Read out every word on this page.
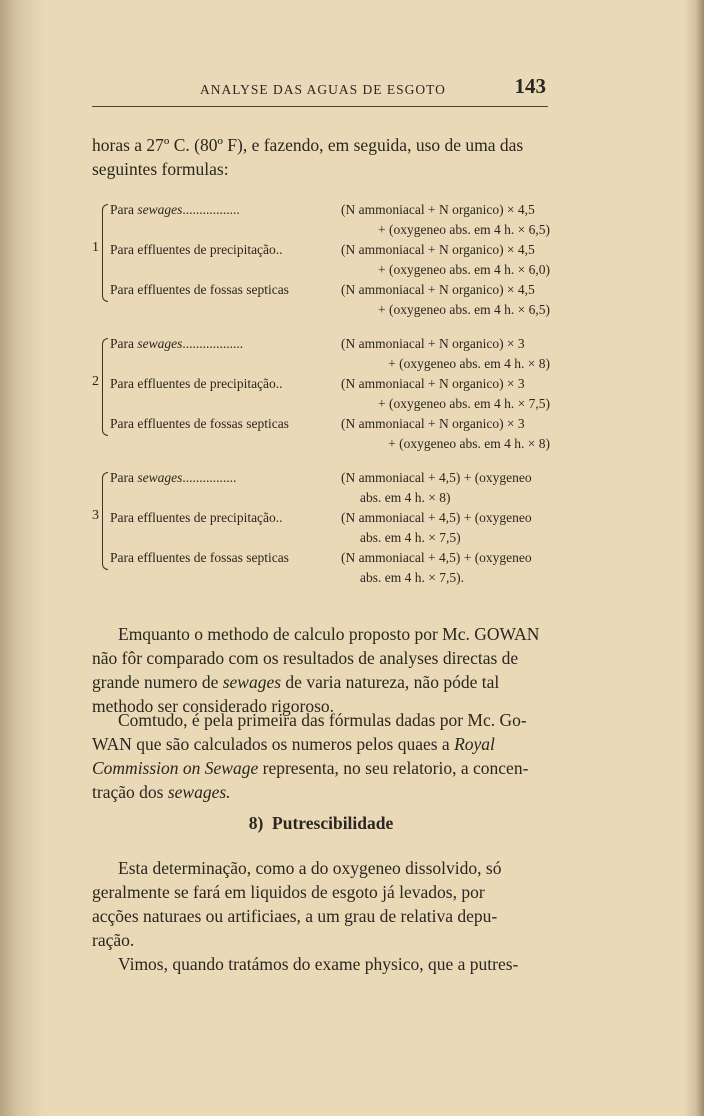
ANALYSE DAS AGUAS DE ESGOTO	143
horas a 27º C. (80º F), e fazendo, em seguida, uso de uma das
seguintes formulas:
1
Para sewages.................	(N ammoniacal + N organico) × 4,5
+ (oxygeneo abs. em 4 h. × 6,5)
Para effluentes de precipitação..	(N ammoniacal + N organico) × 4,5
+ (oxygeneo abs. em 4 h. × 6,0)
Para effluentes de fossas septicas	(N ammoniacal + N organico) × 4,5
+ (oxygeneo abs. em 4 h. × 6,5)
2
Para sewages..................	(N ammoniacal + N organico) × 3
+ (oxygeneo abs. em 4 h. × 8)
Para effluentes de precipitação..	(N ammoniacal + N organico) × 3
+ (oxygeneo abs. em 4 h. × 7,5)
Para effluentes de fossas septicas	(N ammoniacal + N organico) × 3
+ (oxygeneo abs. em 4 h. × 8)
3
Para sewages................	(N ammoniacal + 4,5) + (oxygeneo
abs. em 4 h. × 8)
Para effluentes de precipitação..	(N ammoniacal + 4,5) + (oxygeneo
abs. em 4 h. × 7,5)
Para effluentes de fossas septicas	(N ammoniacal + 4,5) + (oxygeneo
abs. em 4 h. × 7,5).
Emquanto o methodo de calculo proposto por Mc. GOWAN
não fôr comparado com os resultados de analyses directas de
grande numero de sewages de varia natureza, não póde tal
methodo ser considerado rigoroso.
Comtudo, é pela primeira das fórmulas dadas por Mc. Go-
WAN que são calculados os numeros pelos quaes a Royal
Commission on Sewage representa, no seu relatorio, a concen-
tração dos sewages.
8) Putrescibilidade
Esta determinação, como a do oxygeneo dissolvido, só
geralmente se fará em liquidos de esgoto já levados, por
acções naturaes ou artificiaes, a um grau de relativa depu-
ração.
Vimos, quando tratámos do exame physico, que a putres-
